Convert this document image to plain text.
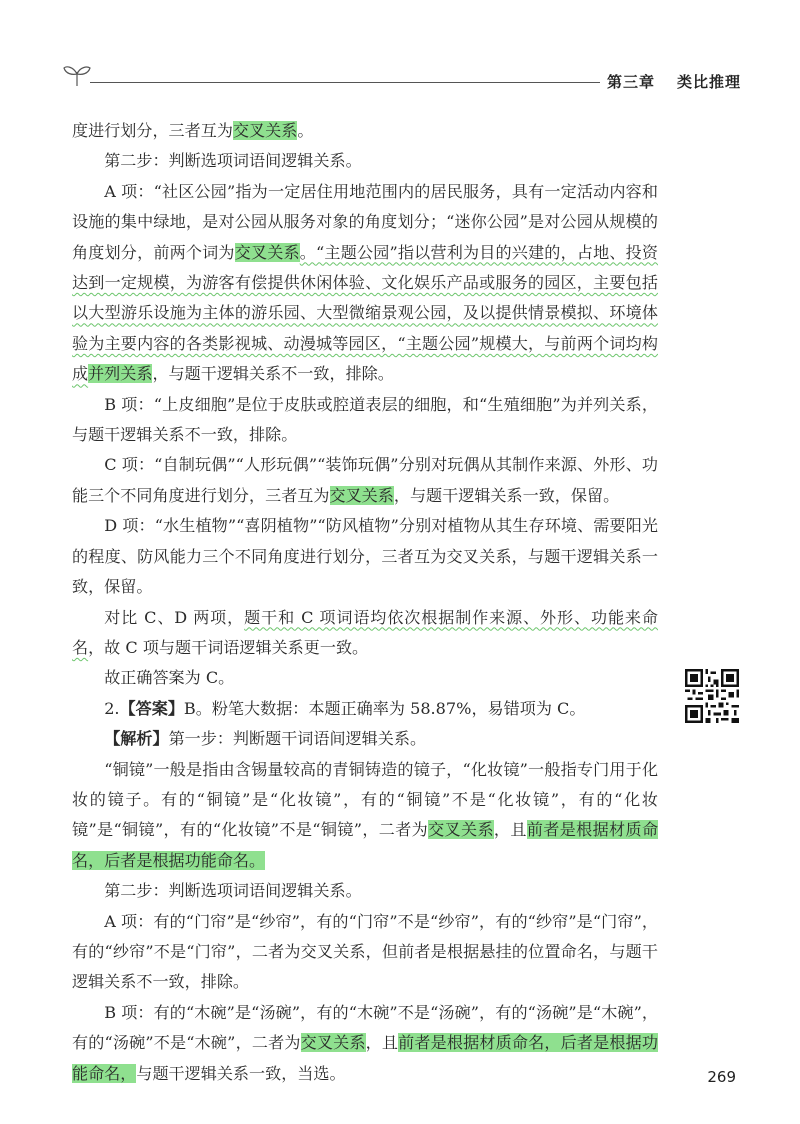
第三章 类比推理

度进行划分，三者互为交叉关系。

第二步：判断选项词语间逻辑关系。

A 项：“社区公园”指为一定居住用地范围内的居民服务，具有一定活动内容和设施的集中绿地，是对公园从服务对象的角度划分；“迷你公园”是对公园从规模的角度划分，前两个词为交叉关系。“主题公园”指以营利为目的兴建的，占地、投资达到一定规模，为游客有偿提供休闲体验、文化娱乐产品或服务的园区，主要包括以大型游乐设施为主体的游乐园、大型微缩景观公园，及以提供情景模拟、环境体验为主要内容的各类影视城、动漫城等园区，“主题公园”规模大，与前两个词均构成并列关系，与题干逻辑关系不一致，排除。

B 项：“上皮细胞”是位于皮肤或腔道表层的细胞，和“生殖细胞”为并列关系，与题干逻辑关系不一致，排除。

C 项：“自制玩偶”“人形玩偶”“装饰玩偶”分别对玩偶从其制作来源、外形、功能三个不同角度进行划分，三者互为交叉关系，与题干逻辑关系一致，保留。

D 项：“水生植物”“喜阴植物”“防风植物”分别对植物从其生存环境、需要阳光的程度、防风能力三个不同角度进行划分，三者互为交叉关系，与题干逻辑关系一致，保留。

对比 C、D 两项，题干和 C 项词语均依次根据制作来源、外形、功能来命名，故 C 项与题干词语逻辑关系更一致。

故正确答案为 C。

2.【答案】B。粉笔大数据：本题正确率为 58.87%，易错项为 C。

【解析】第一步：判断题干词语间逻辑关系。

“铜镜”一般是指由含锡量较高的青铜铸造的镜子，“化妆镜”一般指专门用于化妆的镜子。有的“铜镜”是“化妆镜”，有的“铜镜”不是“化妆镜”，有的“化妆镜”是“铜镜”，有的“化妆镜”不是“铜镜”，二者为交叉关系，且前者是根据材质命名，后者是根据功能命名。

第二步：判断选项词语间逻辑关系。

A 项：有的“门帘”是“纱帘”，有的“门帘”不是“纱帘”，有的“纱帘”是“门帘”，有的“纱帘”不是“门帘”，二者为交叉关系，但前者是根据悬挂的位置命名，与题干逻辑关系不一致，排除。

B 项：有的“木碗”是“汤碗”，有的“木碗”不是“汤碗”，有的“汤碗”是“木碗”，有的“汤碗”不是“木碗”，二者为交叉关系，且前者是根据材质命名，后者是根据功能命名，与题干逻辑关系一致，当选。	269
